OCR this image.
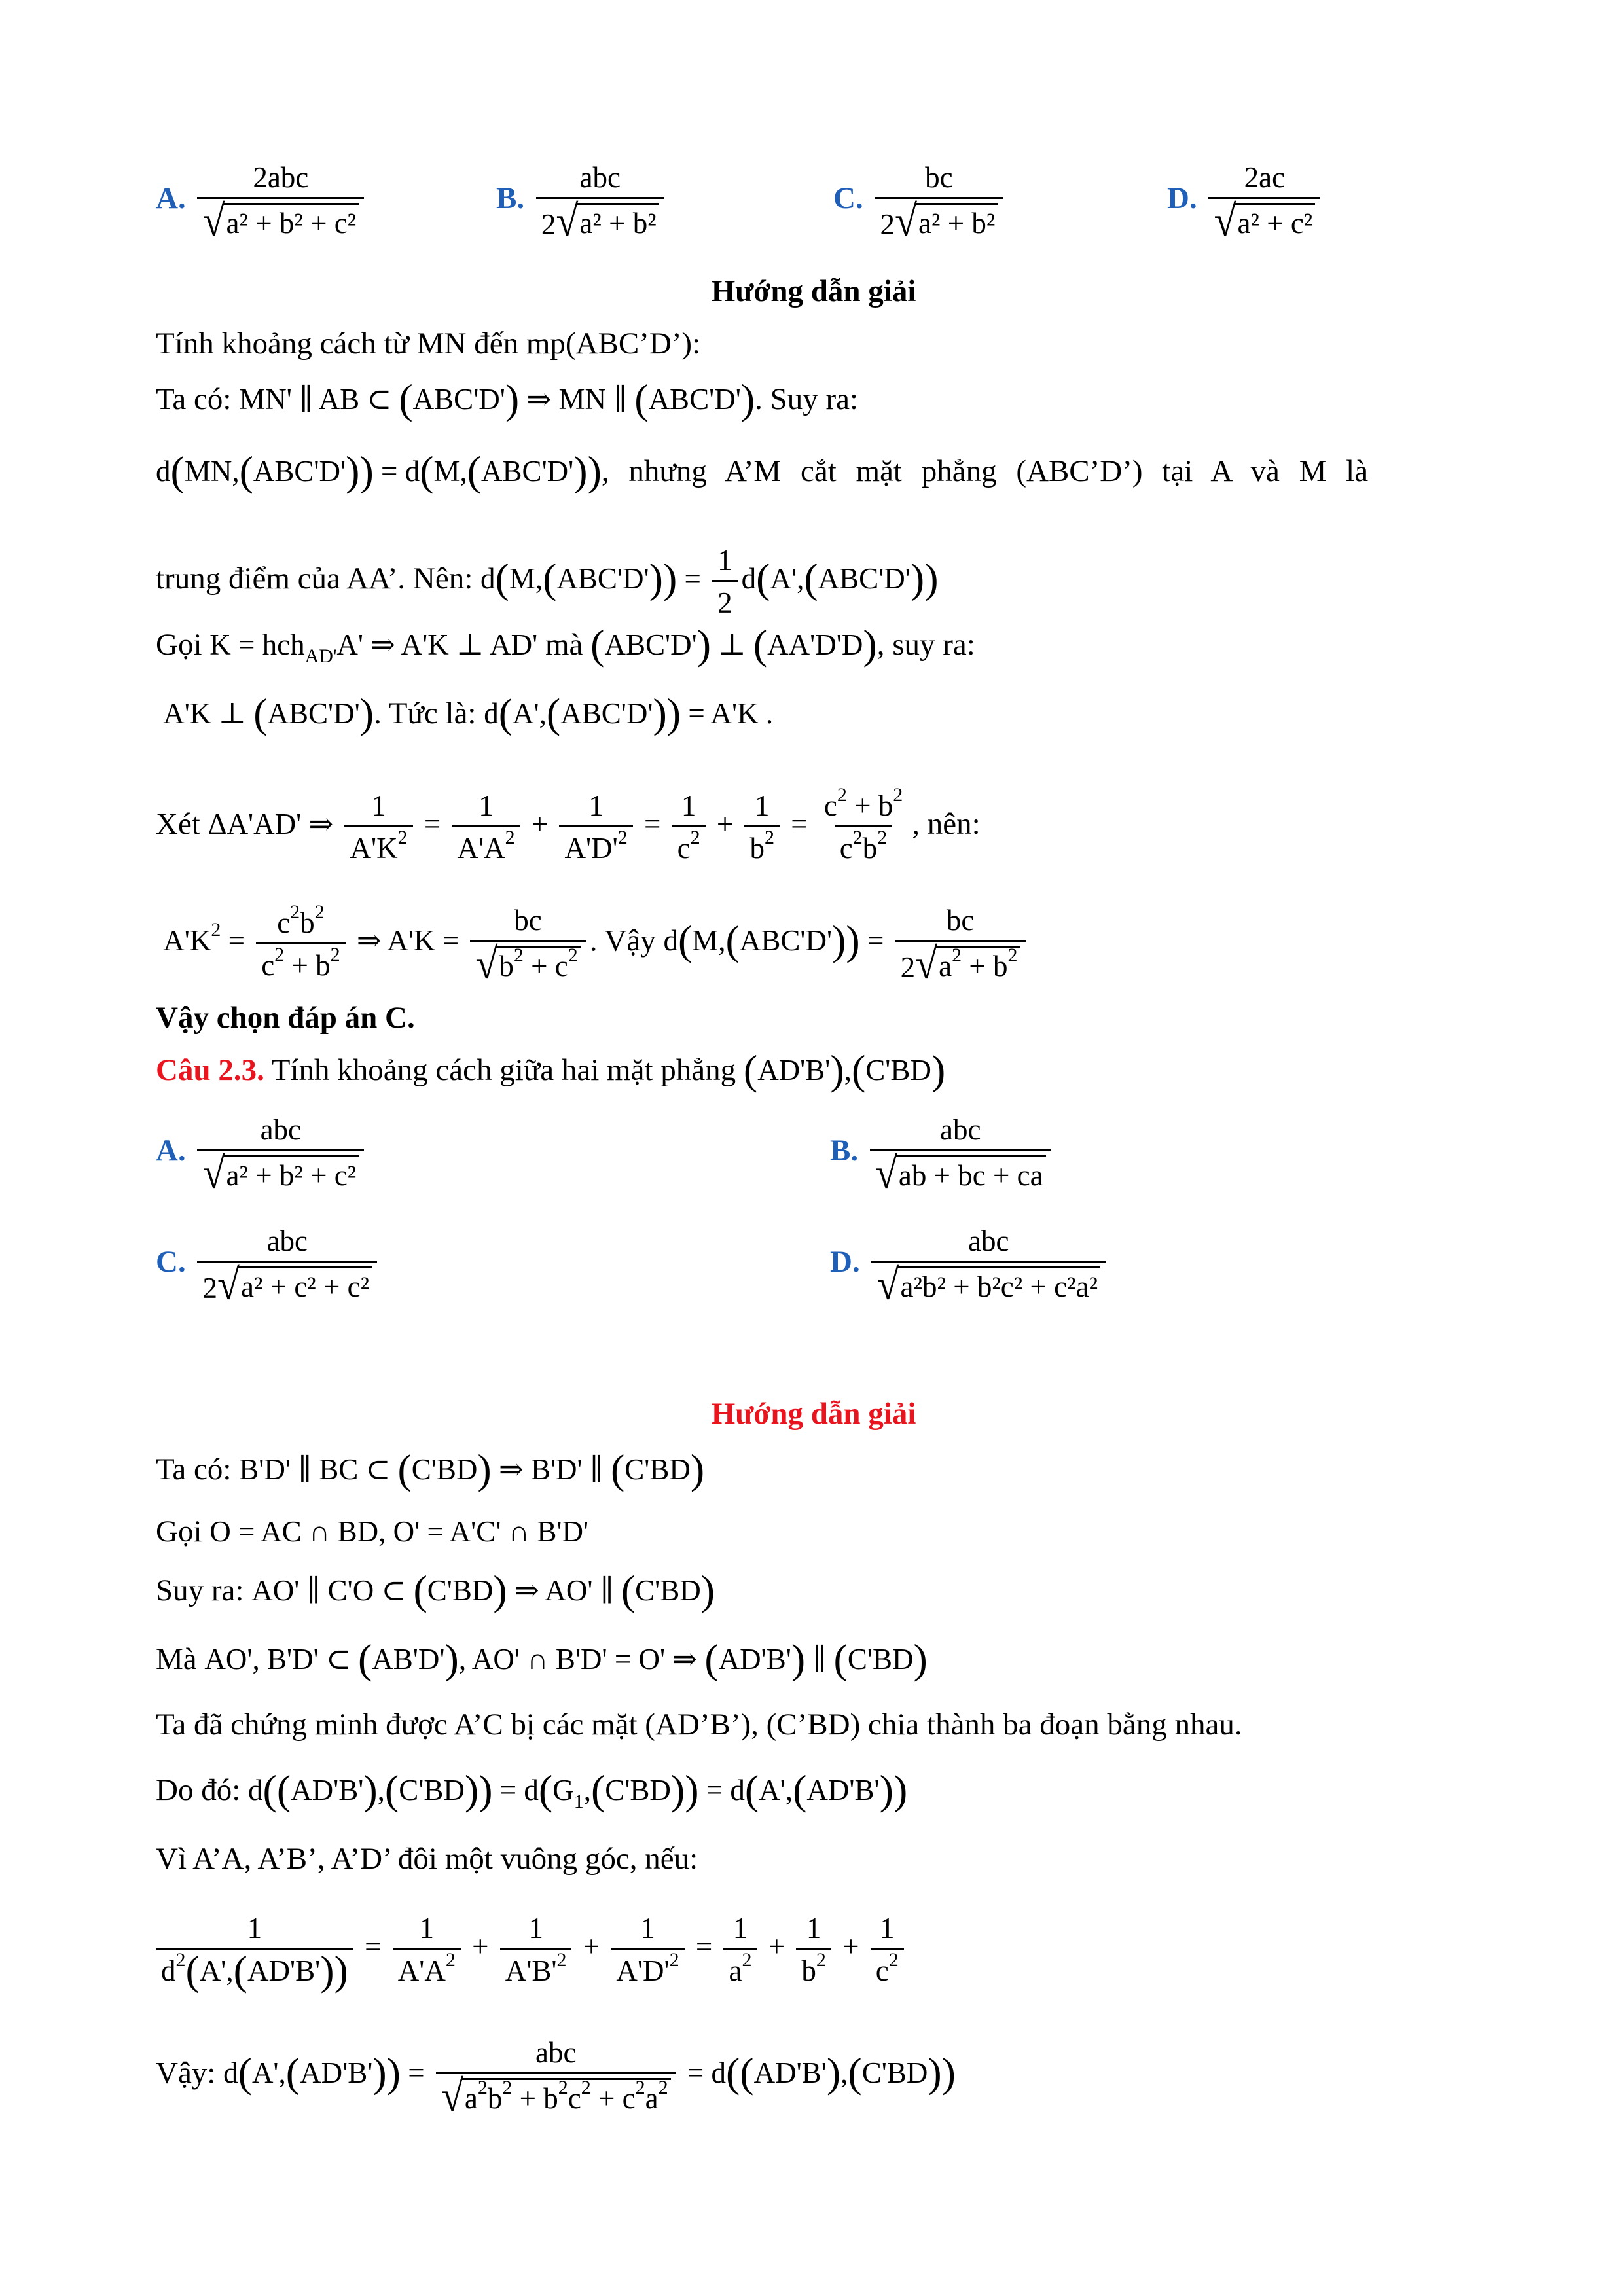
A. $\frac{\text{2abc}}{\text{√ a² + b² + c²}}$	B. $\frac{\text{abc}}{\text{2 √ a² + b²}}$	C. $\frac{bc}{\text{2 √ a² + b²}}$	D. $\frac{2ac}{\text{√ a² + c²}}$
Hướng dẫn giải
Tính khoảng cách từ MN đến mp(ABC’D’):
Ta có: MN' ∥ AB ⊂ (ABC'D') ⇒ MN ∥ (ABC'D'). Suy ra:
d(MN,(ABC'D')) = d(M,(ABC'D')), nhưng A’M cắt mặt phẳng (ABC’D’) tại A và M là
trung điểm của AA’. Nên: $d(M,(ABC'D')) = \frac{1}{2} d(A',(ABC'D'))$
Gọi K = hch$_{AD'}$A' ⇒ A'K ⊥ AD' mà (ABC'D') ⊥ (AA'D'D), suy ra:
A'K ⊥ (ABC'D'). Tức là: d(A',(ABC'D')) = A'K .
Xét ΔA'AD' ⇒ $\frac{1}{A'K^2} = \frac{1}{A'A^2} + \frac{1}{A'D'^2} = \frac{1}{c^2} + \frac{1}{b^2} = \frac{c^2 + b^2}{c^2b^2}$ , nên:
$A'K^2 = \frac{c^2b^2}{c^2 + b^2}$ ⇒ $A'K = \frac{bc}{√ b^2 + c^2}$ . Vậy $d(M,(ABC'D')) = \frac{bc}{2 √ a^2 + b^2}$
Vậy chọn đáp án C.
Câu 2.3. Tính khoảng cách giữa hai mặt phẳng (AD'B'),(C'BD)
A. $\frac{\text{abc}}{\text{√ a² + b² + c²}}$	B. $\frac{\text{abc}}{√ ab + bc + ca}$
C. $\frac{\text{abc}}{\text{2 √ a² + c² + c²}}$	D. $\frac{\text{abc}}{\text{√ a²b² + b²c² + c²a²}}$
Hướng dẫn giải
Ta có: B'D' ∥ BC ⊂ (C'BD) ⇒ B'D' ∥ (C'BD)
Gọi O = AC ∩ BD, O' = A'C' ∩ B'D'
Suy ra: AO' ∥ C'O ⊂ (C'BD) ⇒ AO' ∥ (C'BD)
Mà AO', B'D' ⊂ (AB'D'), AO' ∩ B'D' = O' ⇒ (AD'B') ∥ (C'BD)
Ta đã chứng minh được A’C bị các mặt (AD’B’), (C’BD) chia thành ba đoạn bằng nhau.
Do đó: $d((AD'B'),(C'BD)) = d(G_1,(C'BD)) = d(A',(AD'B'))$
Vì A’A, A’B’, A’D’ đôi một vuông góc, nếu:
$\frac{1}{d^2(A',(AD'B'))} = \frac{1}{A'A^2} + \frac{1}{A'B'^2} + \frac{1}{A'D'^2} = \frac{1}{a^2} + \frac{1}{b^2} + \frac{1}{c^2}$
Vậy: $d(A',(AD'B')) = \frac{\text{abc}}{√ a^2b^2 + b^2c^2 + c^2a^2} = d((AD'B'),(C'BD))$
